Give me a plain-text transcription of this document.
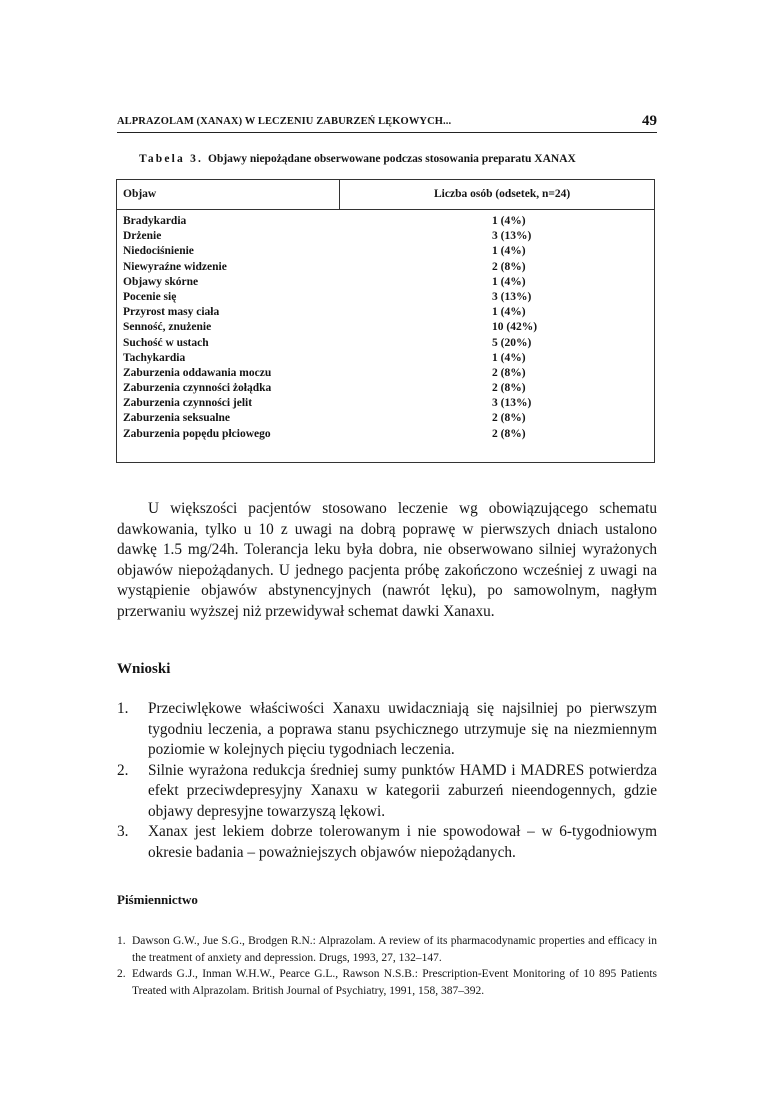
ALPRAZOLAM (XANAX) W LECZENIU ZABURZEŃ LĘKOWYCH...	49
Tabela 3. Objawy niepożądane obserwowane podczas stosowania preparatu XANAX
Objaw	Liczba osób (odsetek, n=24)
Bradykardia	1 (4%)
Drżenie	3 (13%)
Niedociśnienie	1 (4%)
Niewyraźne widzenie	2 (8%)
Objawy skórne	1 (4%)
Pocenie się	3 (13%)
Przyrost masy ciała	1 (4%)
Senność, znużenie	10 (42%)
Suchość w ustach	5 (20%)
Tachykardia	1 (4%)
Zaburzenia oddawania moczu	2 (8%)
Zaburzenia czynności żołądka	2 (8%)
Zaburzenia czynności jelit	3 (13%)
Zaburzenia seksualne	2 (8%)
Zaburzenia popędu płciowego	2 (8%)

U większości pacjentów stosowano leczenie wg obowiązującego schematu dawkowania, tylko u 10 z uwagi na dobrą poprawę w pierwszych dniach ustalono dawkę 1.5 mg/24h. Tolerancja leku była dobra, nie obserwowano silniej wyrażonych objawów niepożądanych. U jednego pacjenta próbę zakończono wcześniej z uwagi na wystąpienie objawów abstynencyjnych (nawrót lęku), po samowolnym, nagłym przerwaniu wyższej niż przewidywał schemat dawki Xanaxu.

Wnioski
1. Przeciwlękowe właściwości Xanaxu uwidaczniają się najsilniej po pierwszym tygodniu leczenia, a poprawa stanu psychicznego utrzymuje się na niezmiennym poziomie w kolejnych pięciu tygodniach leczenia.
2. Silnie wyrażona redukcja średniej sumy punktów HAMD i MADRES potwierdza efekt przeciwdepresyjny Xanaxu w kategorii zaburzeń nieendogennych, gdzie objawy depresyjne towarzyszą lękowi.
3. Xanax jest lekiem dobrze tolerowanym i nie spowodował – w 6-tygodniowym okresie badania – poważniejszych objawów niepożądanych.
Piśmiennictwo
1. Dawson G.W., Jue S.G., Brodgen R.N.: Alprazolam. A review of its pharmacodynamic properties and efficacy in the treatment of anxiety and depression. Drugs, 1993, 27, 132–147.
2. Edwards G.J., Inman W.H.W., Pearce G.L., Rawson N.S.B.: Prescription-Event Monitoring of 10 895 Patients Treated with Alprazolam. British Journal of Psychiatry, 1991, 158, 387–392.
